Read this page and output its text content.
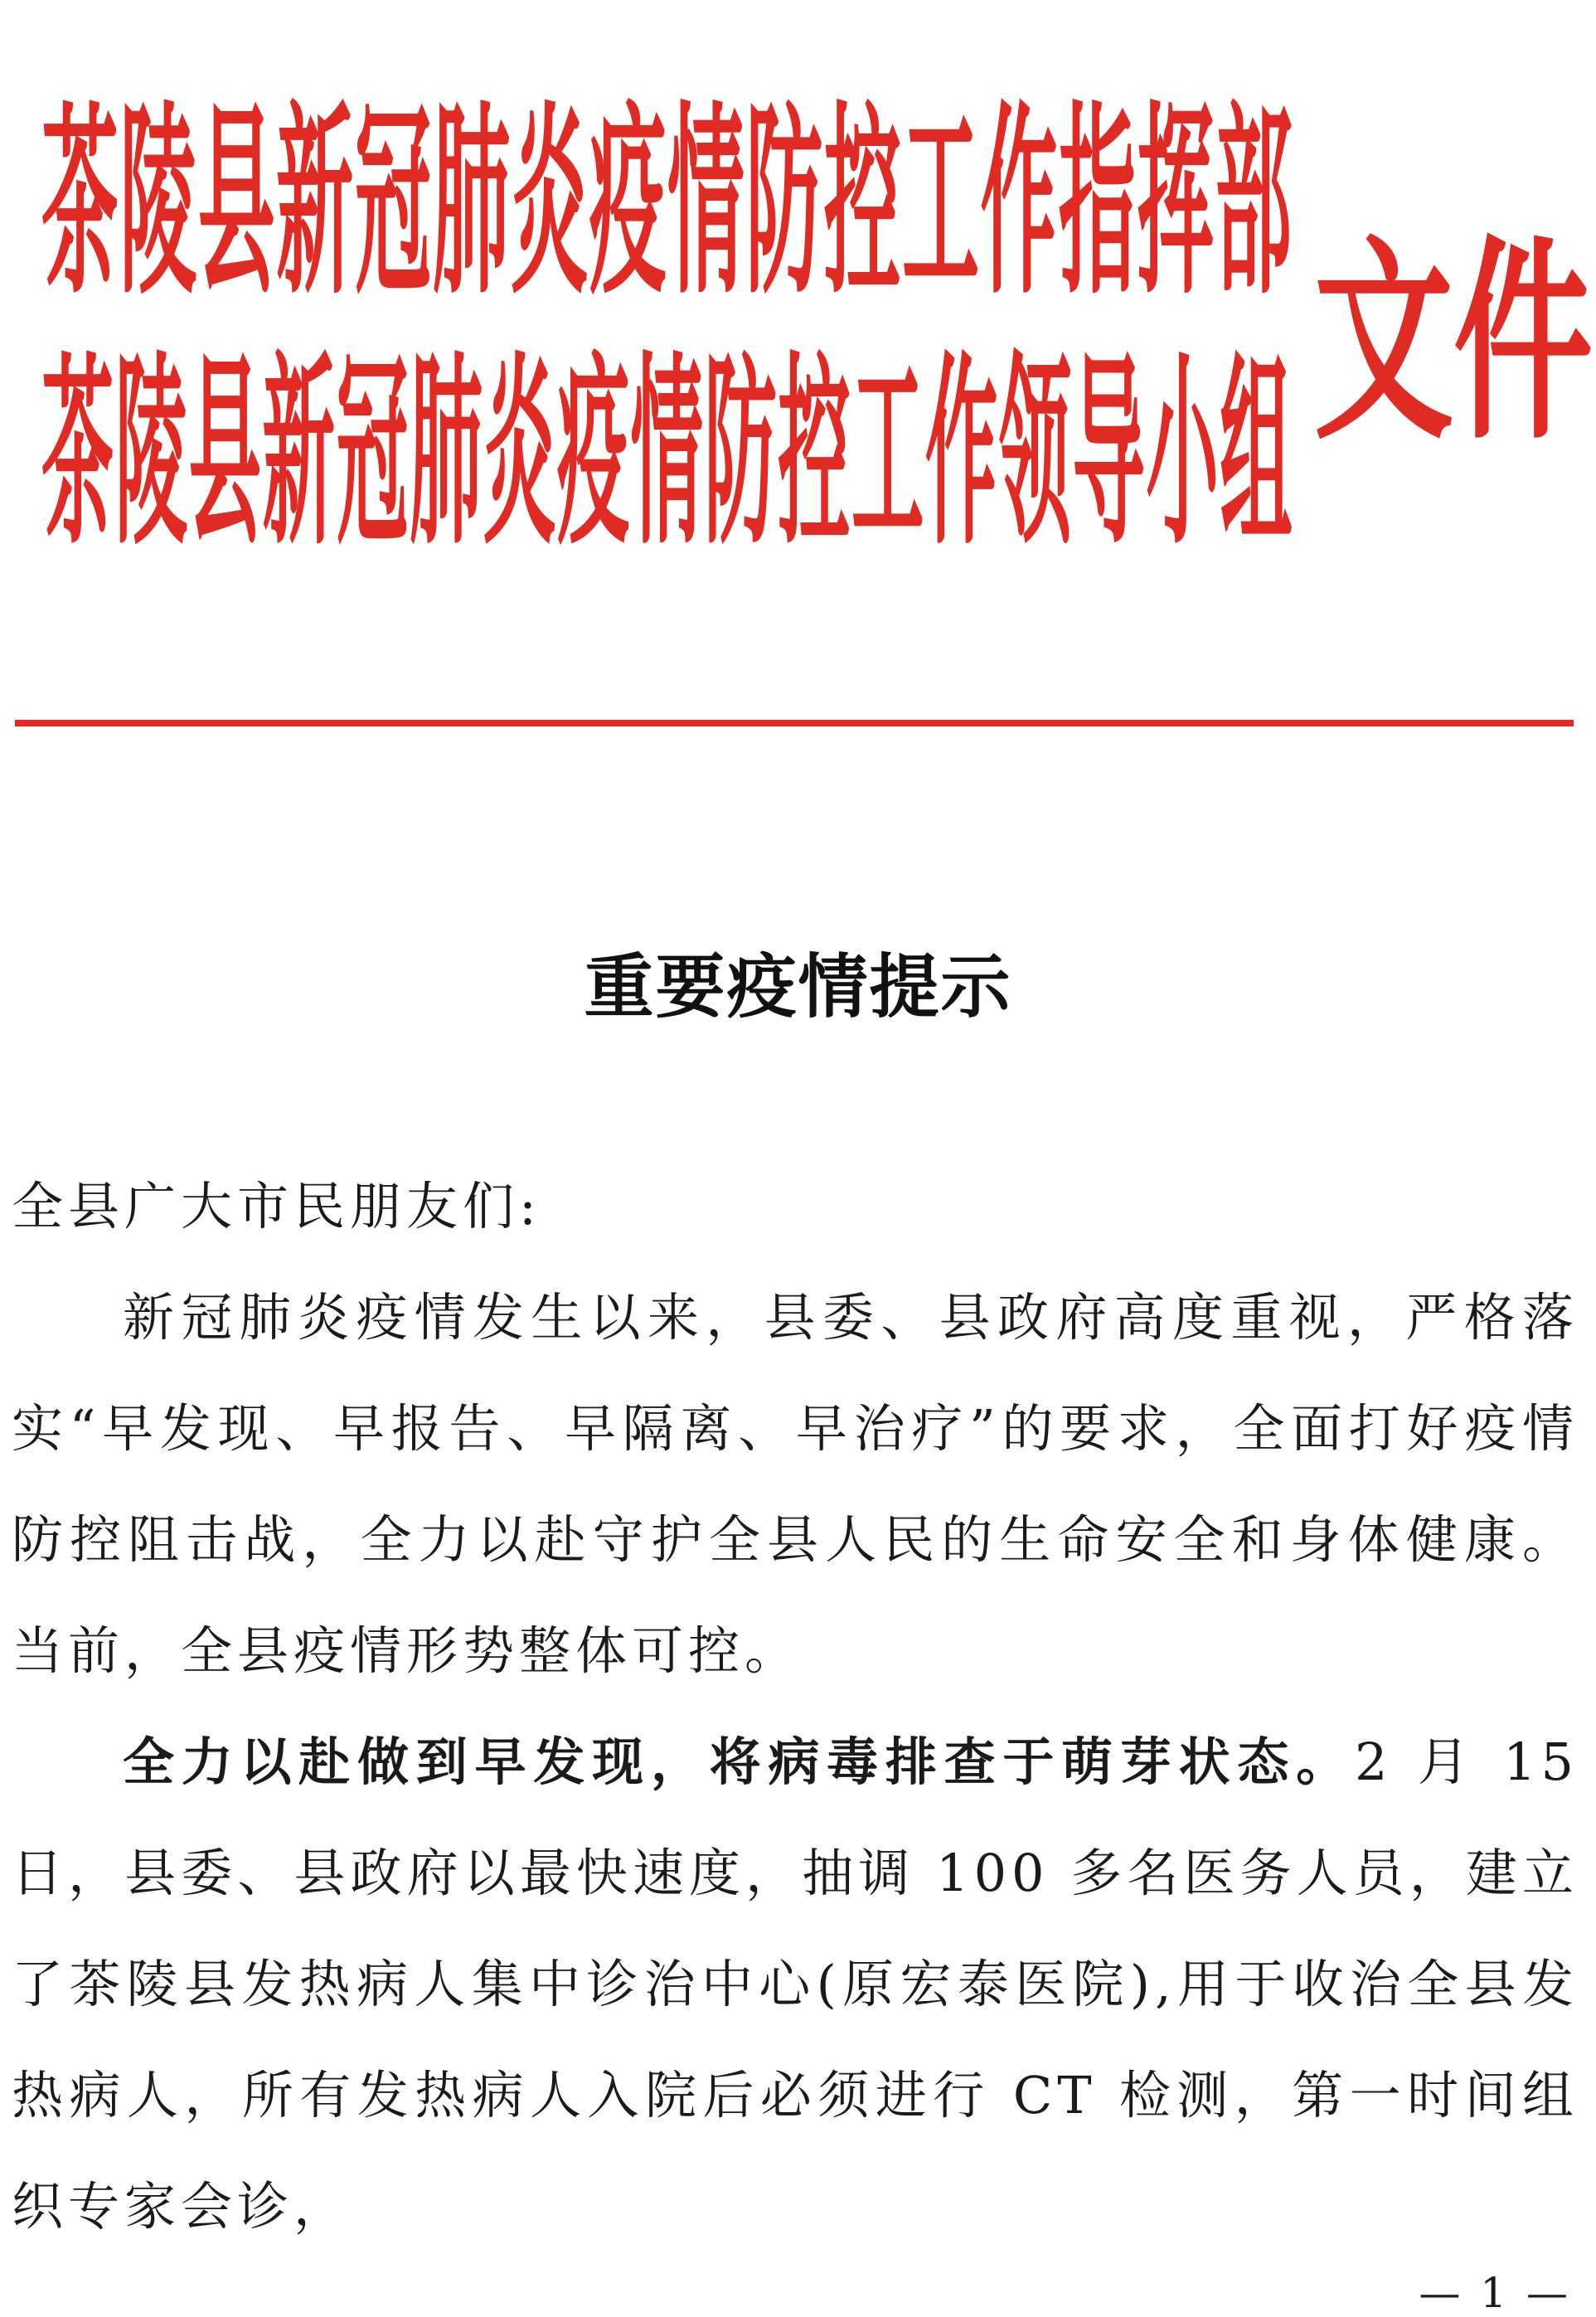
茶陵县新冠肺炎疫情防控工作指挥部
茶陵县新冠肺炎疫情防控工作领导小组 文件
重要疫情提示

全县广大市民朋友们:

新冠肺炎疫情发生以来，县委、县政府高度重视，严格落实“早发现、早报告、早隔离、早治疗”的要求，全面打好疫情防控阻击战，全力以赴守护全县人民的生命安全和身体健康。当前，全县疫情形势整体可控。

全力以赴做到早发现，将病毒排查于萌芽状态。2 月 15 日，县委、县政府以最快速度，抽调 100 多名医务人员，建立了茶陵县发热病人集中诊治中心(原宏泰医院),用于收治全县发热病人，所有发热病人入院后必须进行 CT 检测，第一时间组织专家会诊，

— 1 —
